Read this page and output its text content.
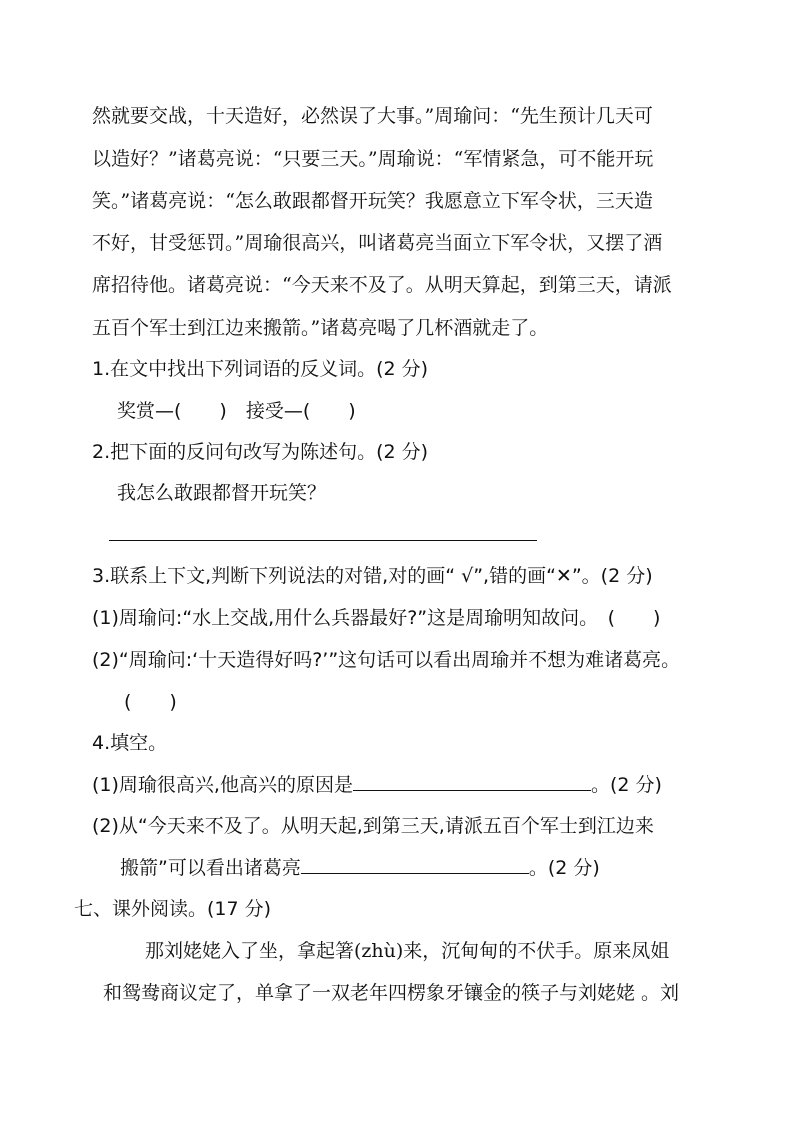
然就要交战，十天造好，必然误了大事。”周瑜问：“先生预计几天可
以造好？”诸葛亮说：“只要三天。”周瑜说：“军情紧急，可不能开玩
笑。”诸葛亮说：“怎么敢跟都督开玩笑？我愿意立下军令状，三天造
不好，甘受惩罚。”周瑜很高兴，叫诸葛亮当面立下军令状，又摆了酒
席招待他。诸葛亮说：“今天来不及了。从明天算起，到第三天，请派
五百个军士到江边来搬箭。”诸葛亮喝了几杯酒就走了。
1.在文中找出下列词语的反义词。(2 分)
奖赏—(　　)　接受—(　　)
2.把下面的反问句改写为陈述句。(2 分)
我怎么敢跟都督开玩笑？
3.联系上下文,判断下列说法的对错,对的画“ √”,错的画“✕”。(2 分)
(1)周瑜问:“水上交战,用什么兵器最好?”这是周瑜明知故问。　(　　)
(2)“周瑜问:‘十天造得好吗?’”这句话可以看出周瑜并不想为难诸葛亮。
(　　)
4.填空。
(1)周瑜很高兴,他高兴的原因是	。(2 分)
(2)从“今天来不及了。从明天起,到第三天,请派五百个军士到江边来
搬箭”可以看出诸葛亮	。(2 分)
七、课外阅读。(17 分)
那刘姥姥入了坐，拿起箸(zhù)来，沉甸甸的不伏手。原来凤姐
和鸳鸯商议定了，单拿了一双老年四楞象牙镶金的筷子与刘姥姥 。刘
